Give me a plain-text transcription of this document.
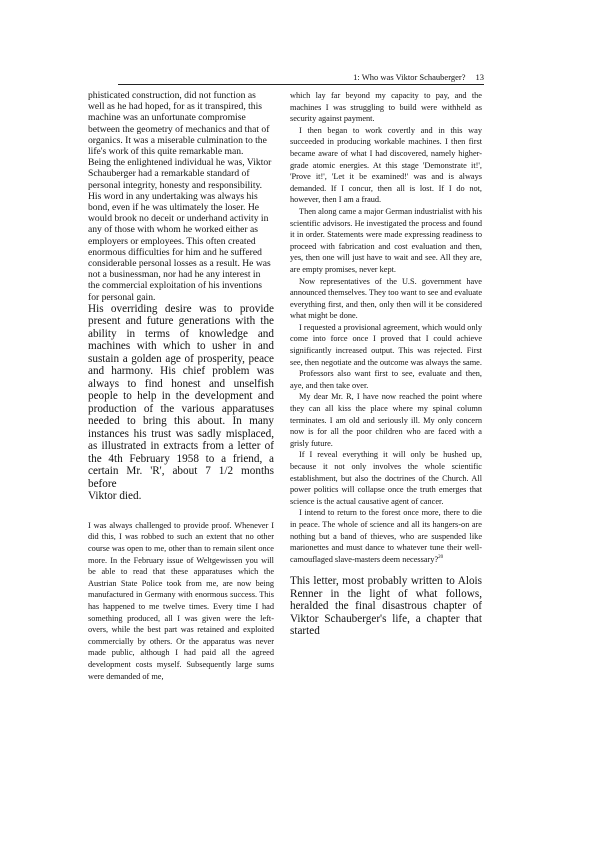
1: Who was Viktor Schauberger? 13

phisticated construction, did not function as well as he had hoped, for as it transpired, this machine was an unfortunate compromise between the geometry of mechanics and that of organics. It was a miserable culmination to the life's work of this quite remarkable man.

Being the enlightened individual he was, Viktor Schauberger had a remarkable standard of personal integrity, honesty and responsibility. His word in any undertaking was always his bond, even if he was ultimately the loser. He would brook no deceit or underhand activity in any of those with whom he worked either as employers or employees. This often created enormous difficulties for him and he suffered considerable personal losses as a result. He was not a businessman, nor had he any interest in the commercial exploitation of his inventions for personal gain.

His overriding desire was to provide present and future generations with the ability in terms of knowledge and machines with which to usher in and sustain a golden age of prosperity, peace and harmony. His chief problem was always to find honest and unselfish people to help in the development and production of the various apparatuses needed to bring this about. In many instances his trust was sadly misplaced, as illustrated in extracts from a letter of the 4th February 1958 to a friend, a certain Mr. 'R', about 7 1/2 months before

Viktor died.

I was always challenged to provide proof. Whenever I did this, I was robbed to such an extent that no other course was open to me, other than to remain silent once more. In the February issue of Weltgewissen you will be able to read that these apparatuses which the Austrian State Police took from me, are now being manufactured in Germany with enormous success. This has happened to me twelve times. Every time I had something produced, all I was given were the left-overs, while the best part was retained and exploited commercially by others. Or the apparatus was never made public, although I had paid all the agreed development costs myself. Subsequently large sums were demanded of me,

which lay far beyond my capacity to pay, and the machines I was struggling to build were withheld as security against payment.

I then began to work covertly and in this way succeeded in producing workable machines. I then first became aware of what I had discovered, namely higher-grade atomic energies. At this stage 'Demonstrate it!', 'Prove it!', 'Let it be examined!' was and is always demanded. If I concur, then all is lost. If I do not, however, then I am a fraud.

Then along came a major German industrialist with his scientific advisors. He investigated the process and found it in order. Statements were made expressing readiness to proceed with fabrication and cost evaluation and then, yes, then one will just have to wait and see. All they are, are empty promises, never kept.

Now representatives of the U.S. government have announced themselves. They too want to see and evaluate everything first, and then, only then will it be considered what might be done.

I requested a provisional agreement, which would only come into force once I proved that I could achieve significantly increased output. This was rejected. First see, then negotiate and the outcome was always the same.

Professors also want first to see, evaluate and then, aye, and then take over.

My dear Mr. R, I have now reached the point where they can all kiss the place where my spinal column terminates. I am old and seriously ill. My only concern now is for all the poor children who are faced with a grisly future.

If I reveal everything it will only be hushed up, because it not only involves the whole scientific establishment, but also the doctrines of the Church. All power politics will collapse once the truth emerges that science is the actual causative agent of cancer.

I intend to return to the forest once more, there to die in peace. The whole of science and all its hangers-on are nothing but a band of thieves, who are suspended like marionettes and must dance to whatever tune their well-camouflaged slave-masters deem necessary?$^{20}$

This letter, most probably written to Alois Renner in the light of what follows, heralded the final disastrous chapter of Viktor Schauberger's life, a chapter that started
